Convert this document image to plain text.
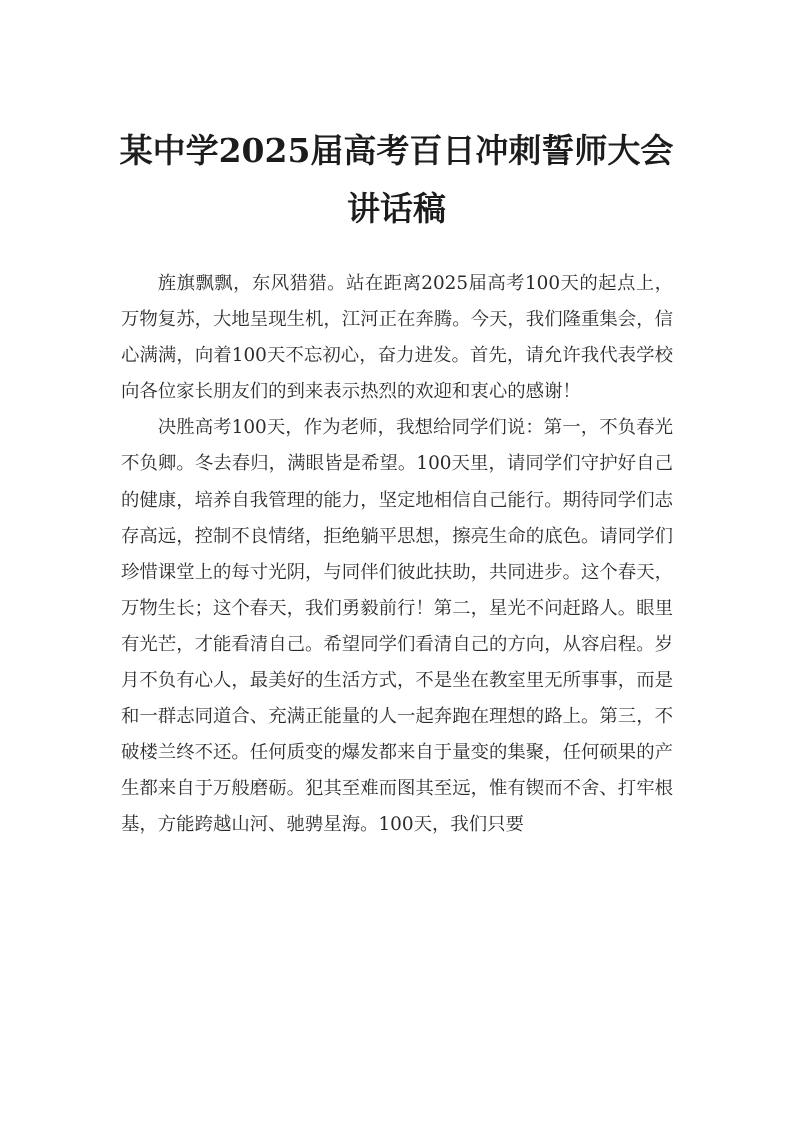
某中学2025届高考百日冲刺誓师大会讲话稿

旌旗飘飘，东风猎猎。站在距离2025届高考100天的起点上，万物复苏，大地呈现生机，江河正在奔腾。今天，我们隆重集会，信心满满，向着100天不忘初心，奋力进发。首先，请允许我代表学校向各位家长朋友们的到来表示热烈的欢迎和衷心的感谢！

决胜高考100天，作为老师，我想给同学们说：第一，不负春光不负卿。冬去春归，满眼皆是希望。100天里，请同学们守护好自己的健康，培养自我管理的能力，坚定地相信自己能行。期待同学们志存高远，控制不良情绪，拒绝躺平思想，擦亮生命的底色。请同学们珍惜课堂上的每寸光阴，与同伴们彼此扶助，共同进步。这个春天，万物生长；这个春天，我们勇毅前行！第二，星光不问赶路人。眼里有光芒，才能看清自己。希望同学们看清自己的方向，从容启程。岁月不负有心人，最美好的生活方式，不是坐在教室里无所事事，而是和一群志同道合、充满正能量的人一起奔跑在理想的路上。第三，不破楼兰终不还。任何质变的爆发都来自于量变的集聚，任何硕果的产生都来自于万般磨砺。犯其至难而图其至远，惟有锲而不舍、打牢根基，方能跨越山河、驰骋星海。100天，我们只要
